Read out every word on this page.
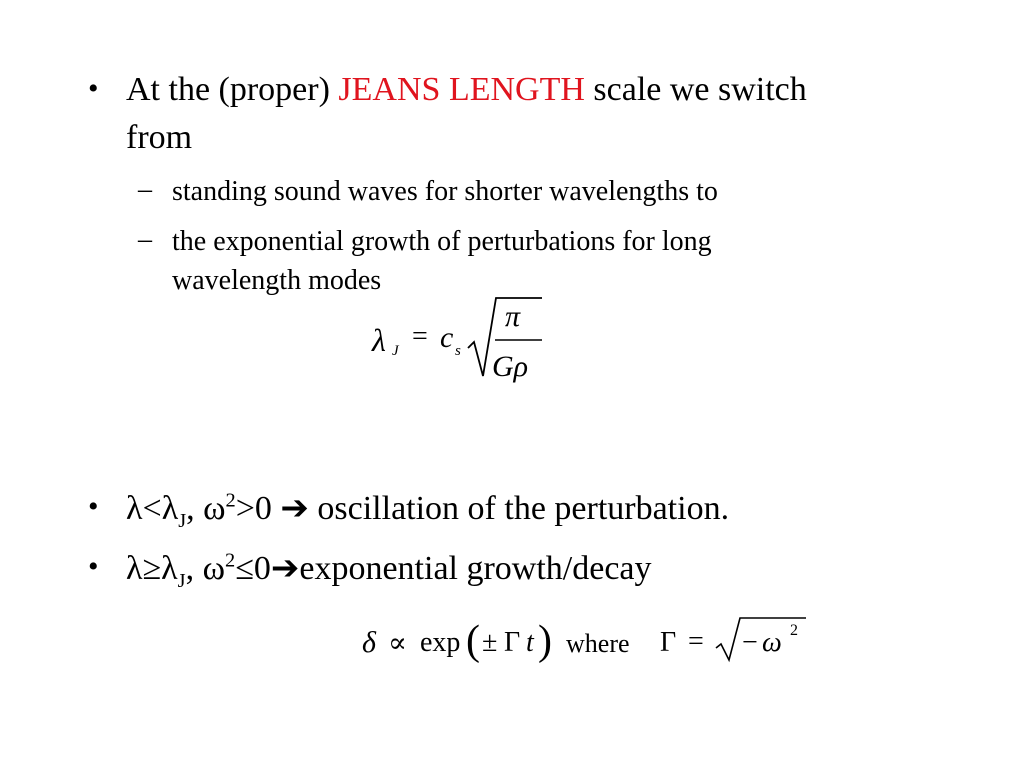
• At the (proper) JEANS LENGTH scale we switch
from
– standing sound waves for shorter wavelengths to
– the exponential growth of perturbations for long
wavelength modes
λ J = c s
π
Gρ
• $\lambda<\lambda_J$, $\omega^2>0$ ➔ oscillation of the perturbation.
• $\lambda\ge\lambda_J$, $\omega^2\le 0➔exponential$ growth/decay
δ ∝ exp ( ± Γ t ) where Γ = − ω 2
